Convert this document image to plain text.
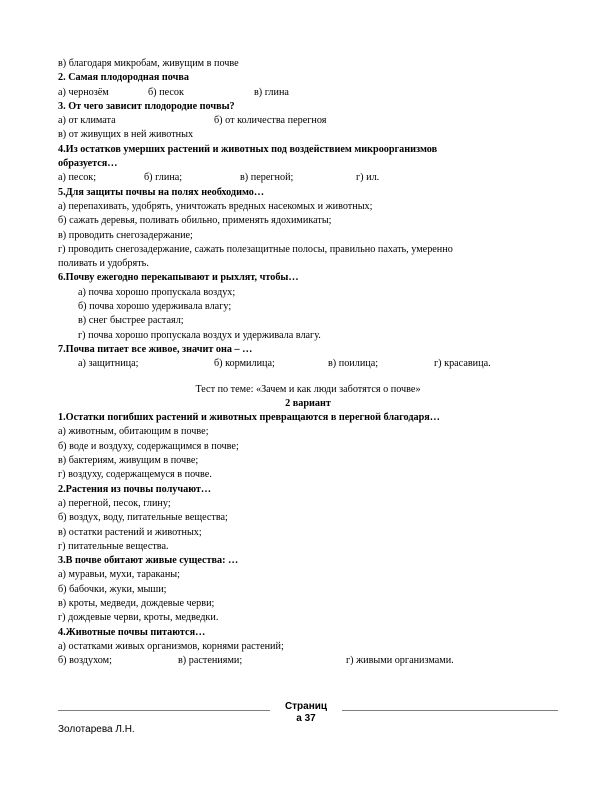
в) благодаря микробам, живущим в почве
2. Самая плодородная почва
а) чернозём	б) песок	в) глина
3. От чего зависит плодородие почвы?
а) от климата	б) от количества перегноя
в) от живущих в ней животных
4.Из остатков умерших растений и животных под воздействием микроорганизмов
образуется…
а) песок;	б) глина;	в) перегной;	г) ил.
5.Для защиты почвы на полях необходимо…
а) перепахивать, удобрять, уничтожать вредных насекомых и животных;
б) сажать деревья, поливать обильно, применять ядохимикаты;
в) проводить снегозадержание;
г) проводить снегозадержание, сажать полезащитные полосы, правильно пахать, умеренно
поливать и удобрять.
6.Почву ежегодно перекапывают и рыхлят, чтобы…
а) почва хорошо пропускала воздух;
б) почва хорошо удерживала влагу;
в) снег быстрее растаял;
г) почва хорошо пропускала воздух и удерживала влагу.
7.Почва питает все живое, значит она – …
а) защитница;	б) кормилица;	в) поилица;	г) красавица.
Тест по теме: «Зачем и как люди заботятся о почве»
2 вариант
1.Остатки погибших растений и животных превращаются в перегной благодаря…
а) животным, обитающим в почве;
б) воде и воздуху, содержащимся в почве;
в) бактериям, живущим в почве;
г) воздуху, содержащемуся в почве.
2.Растения из почвы получают…
а) перегной, песок, глину;
б) воздух, воду, питательные вещества;
в) остатки растений и животных;
г) питательные вещества.
3.В почве обитают живые существа: …
а) муравьи, мухи, тараканы;
б) бабочки, жуки, мыши;
в) кроты, медведи, дождевые черви;
г) дождевые черви, кроты, медведки.
4.Животные почвы питаются…
а) остатками живых организмов, корнями растений;
б) воздухом;	в) растениями;	г) живыми организмами.
Страниц
а 37
Золотарева Л.Н.
